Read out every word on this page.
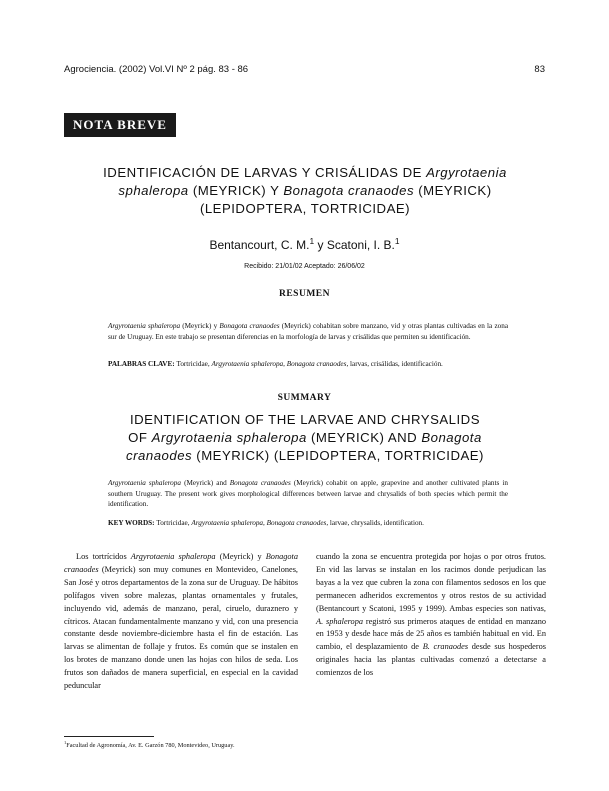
Agrociencia. (2002) Vol.VI Nº 2 pág. 83 - 86	83
NOTA BREVE
IDENTIFICACIÓN DE LARVAS Y CRISÁLIDAS DE Argyrotaenia
sphaleropa (MEYRICK) Y Bonagota cranaodes (MEYRICK)
(LEPIDOPTERA, TORTRICIDAE)
Bentancourt, C. M.$^1$ y Scatoni, I. B.$^1$
Recibido: 21/01/02 Aceptado: 26/06/02
RESUMEN
Argyrotaenia sphaleropa (Meyrick) y Bonagota cranaodes (Meyrick) cohabitan sobre manzano, vid y otras plantas cultivadas en la zona sur de Uruguay. En este trabajo se presentan diferencias en la morfología de larvas y crisálidas que permiten su identificación.
PALABRAS CLAVE: Tortricidae, Argyrotaenia sphaleropa, Bonagota cranaodes, larvas, crisálidas, identificación.
SUMMARY
IDENTIFICATION OF THE LARVAE AND CHRYSALIDS
OF Argyrotaenia sphaleropa (MEYRICK) AND Bonagota
cranaodes (MEYRICK) (LEPIDOPTERA, TORTRICIDAE)
Argyrotaenia sphaleropa (Meyrick) and Bonagota cranaodes (Meyrick) cohabit on apple, grapevine and another cultivated plants in southern Uruguay. The present work gives morphological differences between larvae and chrysalids of both species which permit the identification.
KEY WORDS: Tortricidae, Argyrotaenia sphaleropa, Bonagota cranaodes, larvae, chrysalids, identification.
Los tortrícidos Argyrotaenia sphaleropa (Meyrick) y Bonagota cranaodes (Meyrick) son muy comunes en Montevideo, Canelones, San José y otros departamentos de la zona sur de Uruguay. De hábitos polífagos viven sobre malezas, plantas ornamentales y frutales, incluyendo vid, además de manzano, peral, ciruelo, duraznero y cítricos. Atacan fundamentalmente manzano y vid, con una presencia constante desde noviembre-diciembre hasta el fin de estación. Las larvas se alimentan de follaje y frutos. Es común que se instalen en los brotes de manzano donde unen las hojas con hilos de seda. Los frutos son dañados de manera superficial, en especial en la cavidad peduncular
cuando la zona se encuentra protegida por hojas o por otros frutos. En vid las larvas se instalan en los racimos donde perjudican las bayas a la vez que cubren la zona con filamentos sedosos en los que permanecen adheridos excrementos y otros restos de su actividad (Bentancourt y Scatoni, 1995 y 1999). Ambas especies son nativas, A. sphaleropa registró sus primeros ataques de entidad en manzano en 1953 y desde hace más de 25 años es también habitual en vid. En cambio, el desplazamiento de B. cranaodes desde sus hospederos originales hacia las plantas cultivadas comenzó a detectarse a comienzos de los
$^1$Facultad de Agronomía, Av. E. Garzón 780, Montevideo, Uruguay.
